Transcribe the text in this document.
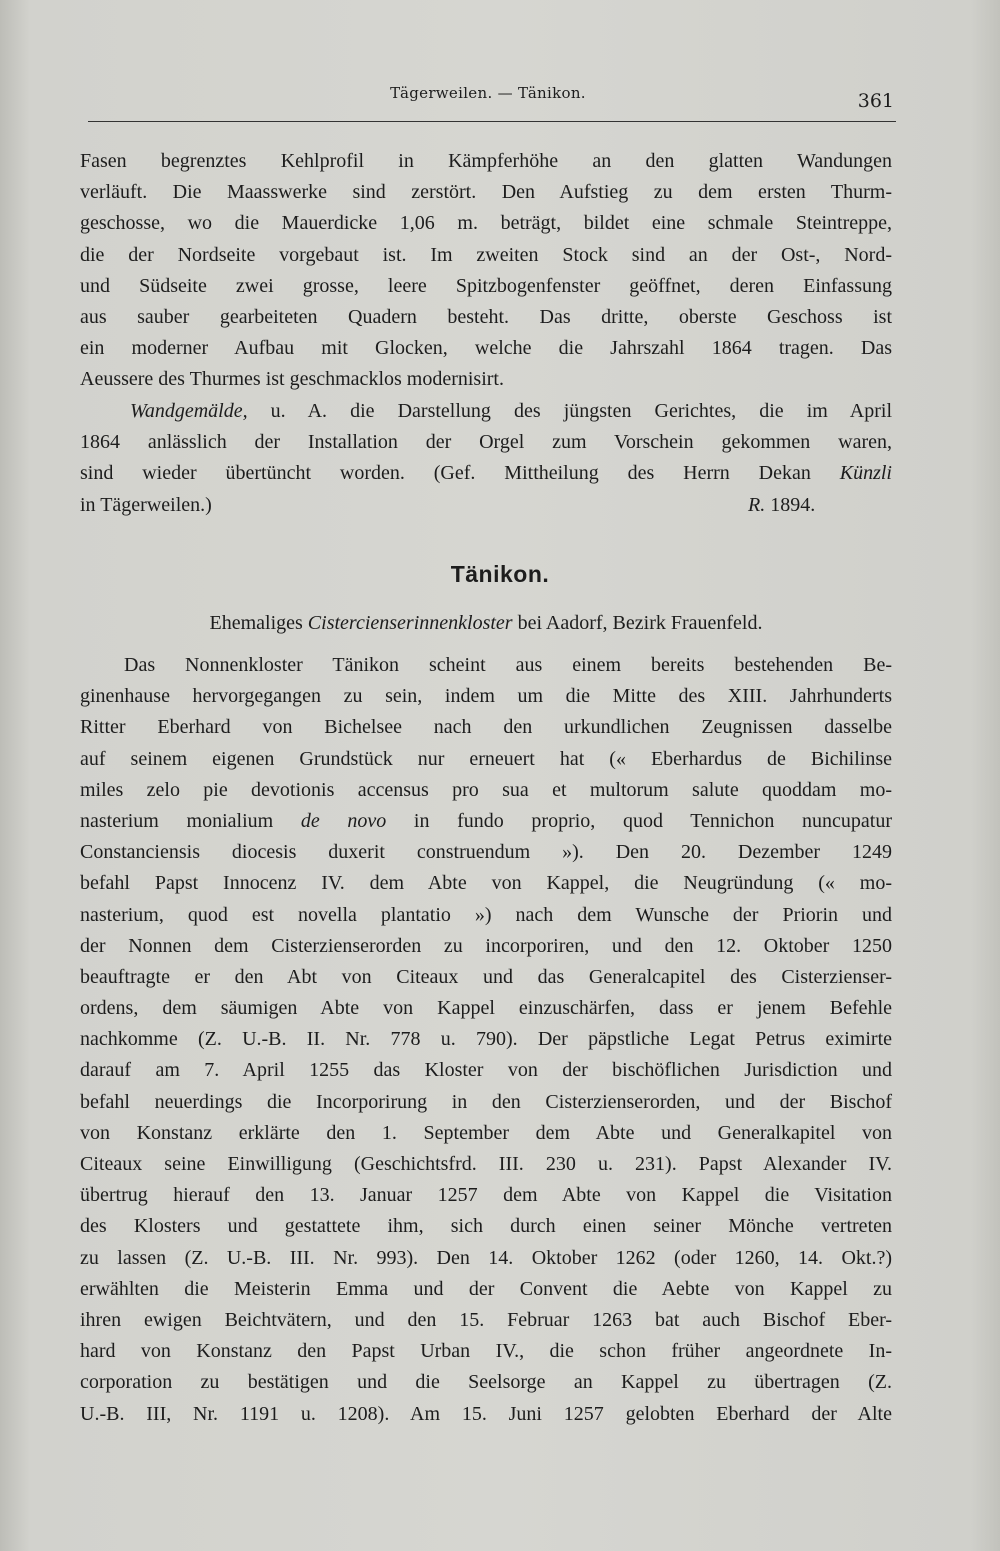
Tägerweilen. — Tänikon.	361
Fasen begrenztes Kehlprofil in Kämpferhöhe an den glatten Wandungen
verläuft. Die Maasswerke sind zerstört. Den Aufstieg zu dem ersten Thurm-
geschosse, wo die Mauerdicke 1,06 m. beträgt, bildet eine schmale Steintreppe,
die der Nordseite vorgebaut ist. Im zweiten Stock sind an der Ost-, Nord-
und Südseite zwei grosse, leere Spitzbogenfenster geöffnet, deren Einfassung
aus sauber gearbeiteten Quadern besteht. Das dritte, oberste Geschoss ist
ein moderner Aufbau mit Glocken, welche die Jahrszahl 1864 tragen. Das
Aeussere des Thurmes ist geschmacklos modernisirt.
Wandgemälde, u. A. die Darstellung des jüngsten Gerichtes, die im April
1864 anlässlich der Installation der Orgel zum Vorschein gekommen waren,
sind wieder übertüncht worden. (Gef. Mittheilung des Herrn Dekan Künzli
in Tägerweilen.)	R. 1894.
Tänikon.
Ehemaliges Cistercienserinnenkloster bei Aadorf, Bezirk Frauenfeld.
Das Nonnenkloster Tänikon scheint aus einem bereits bestehenden Be-
ginenhause hervorgegangen zu sein, indem um die Mitte des XIII. Jahrhunderts
Ritter Eberhard von Bichelsee nach den urkundlichen Zeugnissen dasselbe
auf seinem eigenen Grundstück nur erneuert hat (« Eberhardus de Bichilinse
miles zelo pie devotionis accensus pro sua et multorum salute quoddam mo-
nasterium monialium de novo in fundo proprio, quod Tennichon nuncupatur
Constanciensis diocesis duxerit construendum »). Den 20. Dezember 1249
befahl Papst Innocenz IV. dem Abte von Kappel, die Neugründung (« mo-
nasterium, quod est novella plantatio ») nach dem Wunsche der Priorin und
der Nonnen dem Cisterzienserorden zu incorporiren, und den 12. Oktober 1250
beauftragte er den Abt von Citeaux und das Generalcapitel des Cisterzienser-
ordens, dem säumigen Abte von Kappel einzuschärfen, dass er jenem Befehle
nachkomme (Z. U.-B. II. Nr. 778 u. 790). Der päpstliche Legat Petrus eximirte
darauf am 7. April 1255 das Kloster von der bischöflichen Jurisdiction und
befahl neuerdings die Incorporirung in den Cisterzienserorden, und der Bischof
von Konstanz erklärte den 1. September dem Abte und Generalkapitel von
Citeaux seine Einwilligung (Geschichtsfrd. III. 230 u. 231). Papst Alexander IV.
übertrug hierauf den 13. Januar 1257 dem Abte von Kappel die Visitation
des Klosters und gestattete ihm, sich durch einen seiner Mönche vertreten
zu lassen (Z. U.-B. III. Nr. 993). Den 14. Oktober 1262 (oder 1260, 14. Okt.?)
erwählten die Meisterin Emma und der Convent die Aebte von Kappel zu
ihren ewigen Beichtvätern, und den 15. Februar 1263 bat auch Bischof Eber-
hard von Konstanz den Papst Urban IV., die schon früher angeordnete In-
corporation zu bestätigen und die Seelsorge an Kappel zu übertragen (Z.
U.-B. III, Nr. 1191 u. 1208). Am 15. Juni 1257 gelobten Eberhard der Alte
